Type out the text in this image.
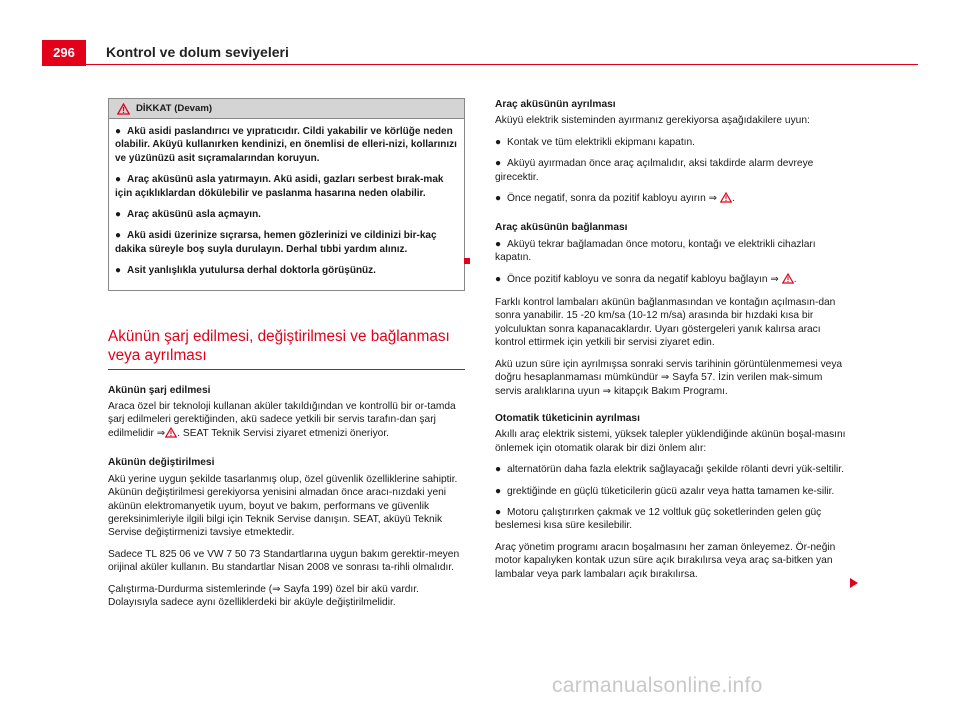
296	Kontrol ve dolum seviyeleri
DİKKAT (Devam)

● Akü asidi paslandırıcı ve yıpratıcıdır. Cildi yakabilir ve körlüğe neden olabilir. Aküyü kullanırken kendinizi, en önemlisi de elleri-nizi, kollarınızı ve yüzünüzü asit sıçramalarından koruyun.

● Araç aküsünü asla yatırmayın. Akü asidi, gazları serbest bırak-mak için açıklıklardan dökülebilir ve paslanma hasarına neden olabilir.

● Araç aküsünü asla açmayın.

● Akü asidi üzerinize sıçrarsa, hemen gözlerinizi ve cildinizi bir-kaç dakika süreyle boş suyla durulayın. Derhal tıbbi yardım alınız.

● Asit yanlışlıkla yutulursa derhal doktorla görüşünüz.

Akünün şarj edilmesi, değiştirilmesi ve bağlanması veya ayrılması
Akünün şarj edilmesi

Araca özel bir teknoloji kullanan aküler takıldığından ve kontrollü bir or-tamda şarj edilmeleri gerektiğinden, akü sadece yetkili bir servis tarafın-dan şarj edilmelidir ⇒ . SEAT Teknik Servisi ziyaret etmenizi öneriyor.

Akünün değiştirilmesi

Akü yerine uygun şekilde tasarlanmış olup, özel güvenlik özelliklerine sahiptir. Akünün değiştirilmesi gerekiyorsa yenisini almadan önce aracı-nızdaki yeni akünün elektromanyetik uyum, boyut ve bakım, performans ve güvenlik gereksinimleriyle ilgili bilgi için Teknik Servise danışın. SEAT, aküyü Teknik Servise değiştirmenizi tavsiye etmektedir.

Sadece TL 825 06 ve VW 7 50 73 Standartlarına uygun bakım gerektir-meyen orijinal aküler kullanın. Bu standartlar Nisan 2008 ve sonrası ta-rihli olmalıdır.

Çalıştırma-Durdurma sistemlerinde (⇒ Sayfa 199) özel bir akü vardır. Dolayısıyla sadece aynı özelliklerdeki bir aküyle değiştirilmelidir.

Araç aküsünün ayrılması

Aküyü elektrik sisteminden ayırmanız gerekiyorsa aşağıdakilere uyun:

● Kontak ve tüm elektrikli ekipmanı kapatın.

● Aküyü ayırmadan önce araç açılmalıdır, aksi takdirde alarm devreye girecektir.

● Önce negatif, sonra da pozitif kabloyu ayırın ⇒ .

Araç aküsünün bağlanması

● Aküyü tekrar bağlamadan önce motoru, kontağı ve elektrikli cihazları kapatın.

● Önce pozitif kabloyu ve sonra da negatif kabloyu bağlayın ⇒ .

Farklı kontrol lambaları akünün bağlanmasından ve kontağın açılmasın-dan sonra yanabilir. 15 -20 km/sa (10-12 m/sa) arasında bir hızdaki kısa bir yolculuktan sonra kapanacaklardır. Uyarı göstergeleri yanık kalırsa aracı kontrol ettirmek için yetkili bir servisi ziyaret edin.

Akü uzun süre için ayrılmışsa sonraki servis tarihinin görüntülenmemesi veya doğru hesaplanmaması mümkündür ⇒ Sayfa 57. İzin verilen mak-simum servis aralıklarına uyun ⇒ kitapçık Bakım Programı.

Otomatik tüketicinin ayrılması

Akıllı araç elektrik sistemi, yüksek talepler yüklendiğinde akünün boşal-masını önlemek için otomatik olarak bir dizi önlem alır:

● alternatörün daha fazla elektrik sağlayacağı şekilde rölanti devri yük-seltilir.

● grektiğinde en güçlü tüketicilerin gücü azalır veya hatta tamamen ke-silir.

● Motoru çalıştırırken çakmak ve 12 voltluk güç soketlerinden gelen güç beslemesi kısa süre kesilebilir.

Araç yönetim programı aracın boşalmasını her zaman önleyemez. Ör-neğin motor kapalıyken kontak uzun süre açık bırakılırsa veya araç sa-bitken yan lambalar veya park lambaları açık bırakılırsa.

carmanualsonline.info
